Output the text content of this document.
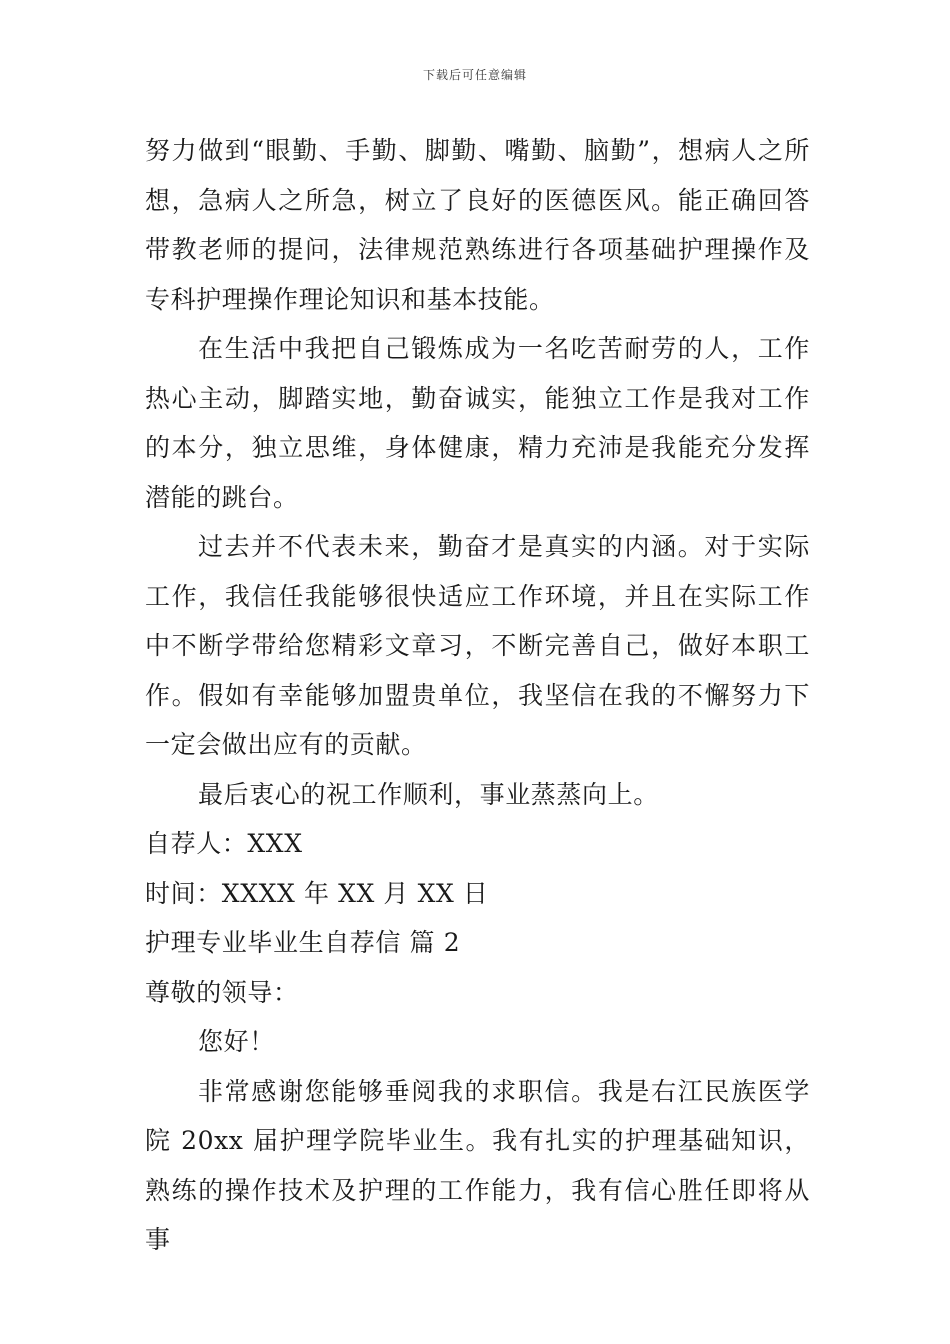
下载后可任意编辑

努力做到“眼勤、手勤、脚勤、嘴勤、脑勤”，想病人之所想，急病人之所急，树立了良好的医德医风。能正确回答带教老师的提问，法律规范熟练进行各项基础护理操作及专科护理操作理论知识和基本技能。

在生活中我把自己锻炼成为一名吃苦耐劳的人，工作热心主动，脚踏实地，勤奋诚实，能独立工作是我对工作的本分，独立思维，身体健康，精力充沛是我能充分发挥潜能的跳台。

过去并不代表未来，勤奋才是真实的内涵。对于实际工作，我信任我能够很快适应工作环境，并且在实际工作中不断学带给您精彩文章习，不断完善自己，做好本职工作。假如有幸能够加盟贵单位，我坚信在我的不懈努力下一定会做出应有的贡献。

最后衷心的祝工作顺利，事业蒸蒸向上。

自荐人：XXX

时间：XXXX 年 XX 月 XX 日

护理专业毕业生自荐信 篇 2

尊敬的领导：

您好！

非常感谢您能够垂阅我的求职信。我是右江民族医学院 20xx 届护理学院毕业生。我有扎实的护理基础知识，熟练的操作技术及护理的工作能力，我有信心胜任即将从事
